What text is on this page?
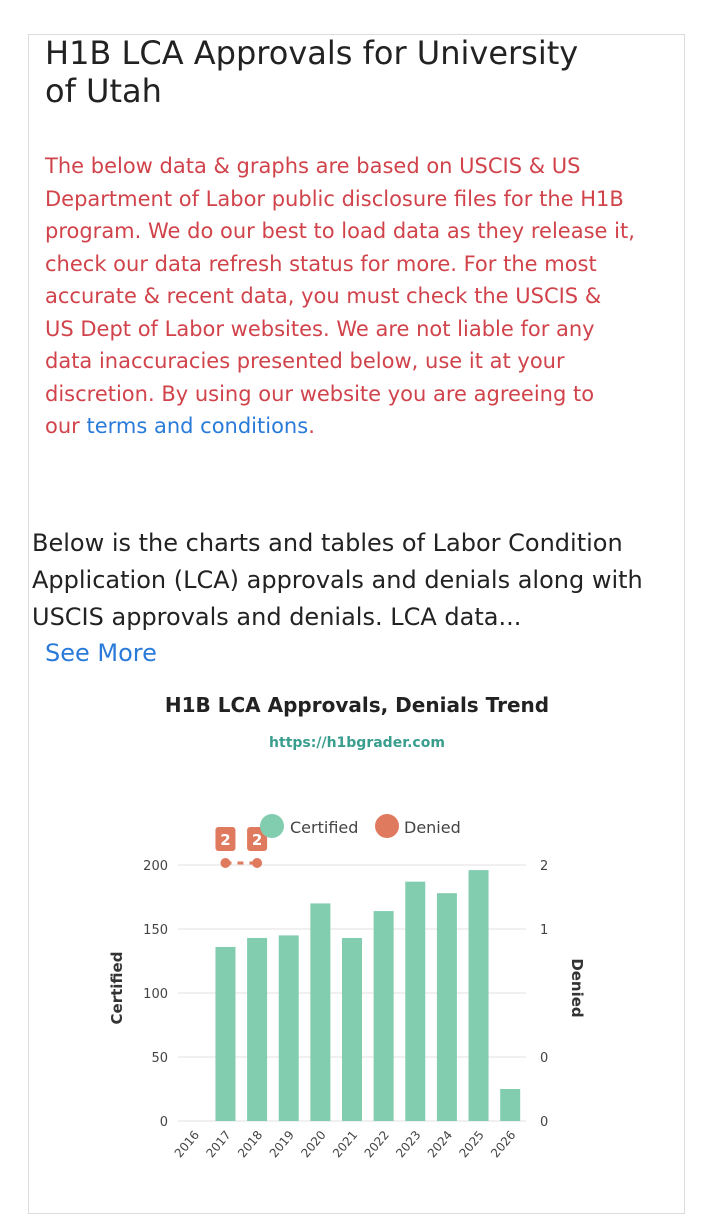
H1B LCA Approvals for University of Utah

The below data & graphs are based on USCIS & US Department of Labor public disclosure files for the H1B program. We do our best to load data as they release it, check our data refresh status for more. For the most accurate & recent data, you must check the USCIS & US Dept of Labor websites. We are not liable for any data inaccuracies presented below, use it at your discretion. By using our website you are agreeing to our terms and conditions.

Below is the charts and tables of Labor Condition Application (LCA) approvals and denials along with USCIS approvals and denials. LCA data...

See More
H1B LCA Approvals, Denials Trend
https://h1bgrader.com
0
50
100
150
200
0
0
1
2
2016 2017 2018 2019 2020 2021 2022 2023 2024 2025 2026
2 2
Certified	Denied
Certified	Denied
